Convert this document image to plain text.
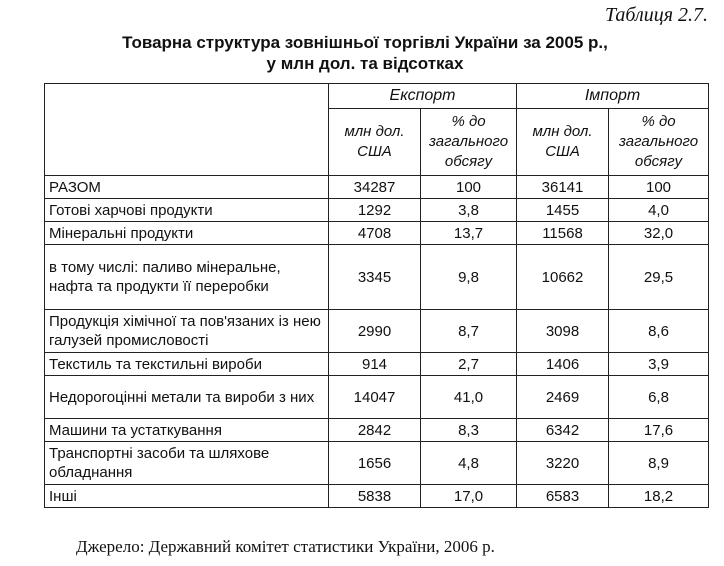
Таблиця 2.7.
Товарна структура зовнішньої торгівлі України за 2005 р.,
у млн дол. та відсотках
	Експорт		Імпорт	
	млн дол. США	% до загального обсягу	млн дол. США	% до загального обсягу
РАЗОМ	34287	100	36141	100
Готові харчові продукти	1292	3,8	1455	4,0
Мінеральні продукти	4708	13,7	11568	32,0
в тому числі: паливо мінеральне, нафта та продукти її переробки	3345	9,8	10662	29,5
Продукція хімічної та пов'язаних із нею галузей промисловості	2990	8,7	3098	8,6
Текстиль та текстильні вироби	914	2,7	1406	3,9
Недорогоцінні метали та вироби з них	14047	41,0	2469	6,8
Машини та устаткування	2842	8,3	6342	17,6
Транспортні засоби та шляхове обладнання	1656	4,8	3220	8,9
Інші	5838	17,0	6583	18,2
Джерело: Державний комітет статистики України, 2006 р.
